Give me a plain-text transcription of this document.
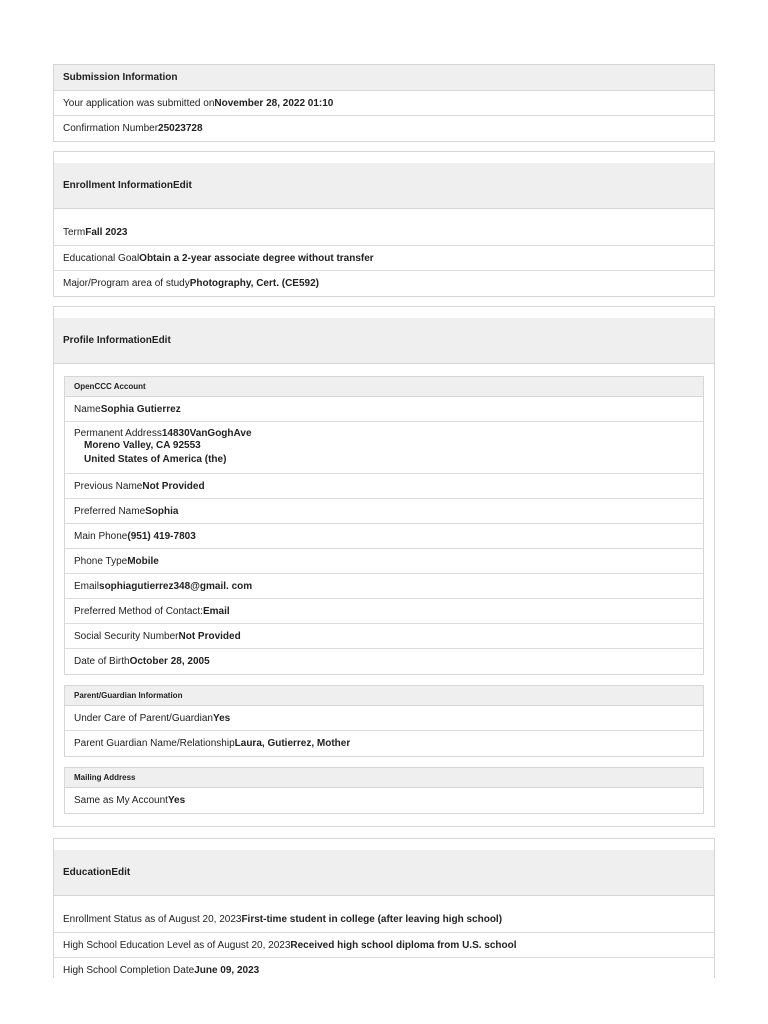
Submission Information
Your application was submitted on November 28, 2022 01:10
Confirmation Number 25023728
Enrollment Information Edit
Term Fall 2023
Educational Goal Obtain a 2-year associate degree without transfer
Major/Program area of study Photography, Cert. (CE592)
Profile Information Edit
OpenCCC Account
Name Sophia Gutierrez
Permanent Address14830VanGoghAve
Moreno Valley, CA 92553
United States of America (the)
Previous Name Not Provided
Preferred Name Sophia
Main Phone (951) 419-7803
Phone Type Mobile
Email sophiagutierrez348@gmail. com
Preferred Method of Contact: Email
Social Security Number Not Provided
Date of Birth October 28, 2005
Parent/Guardian Information
Under Care of Parent/Guardian Yes
Parent Guardian Name/Relationship Laura, Gutierrez, Mother
Mailing Address
Same as My Account Yes
Education Edit
Enrollment Status as of August 20, 2023 First-time student in college (after leaving high school)
High School Education Level as of August 20, 2023 Received high school diploma from U.S. school
High School Completion Date June 09, 2023
